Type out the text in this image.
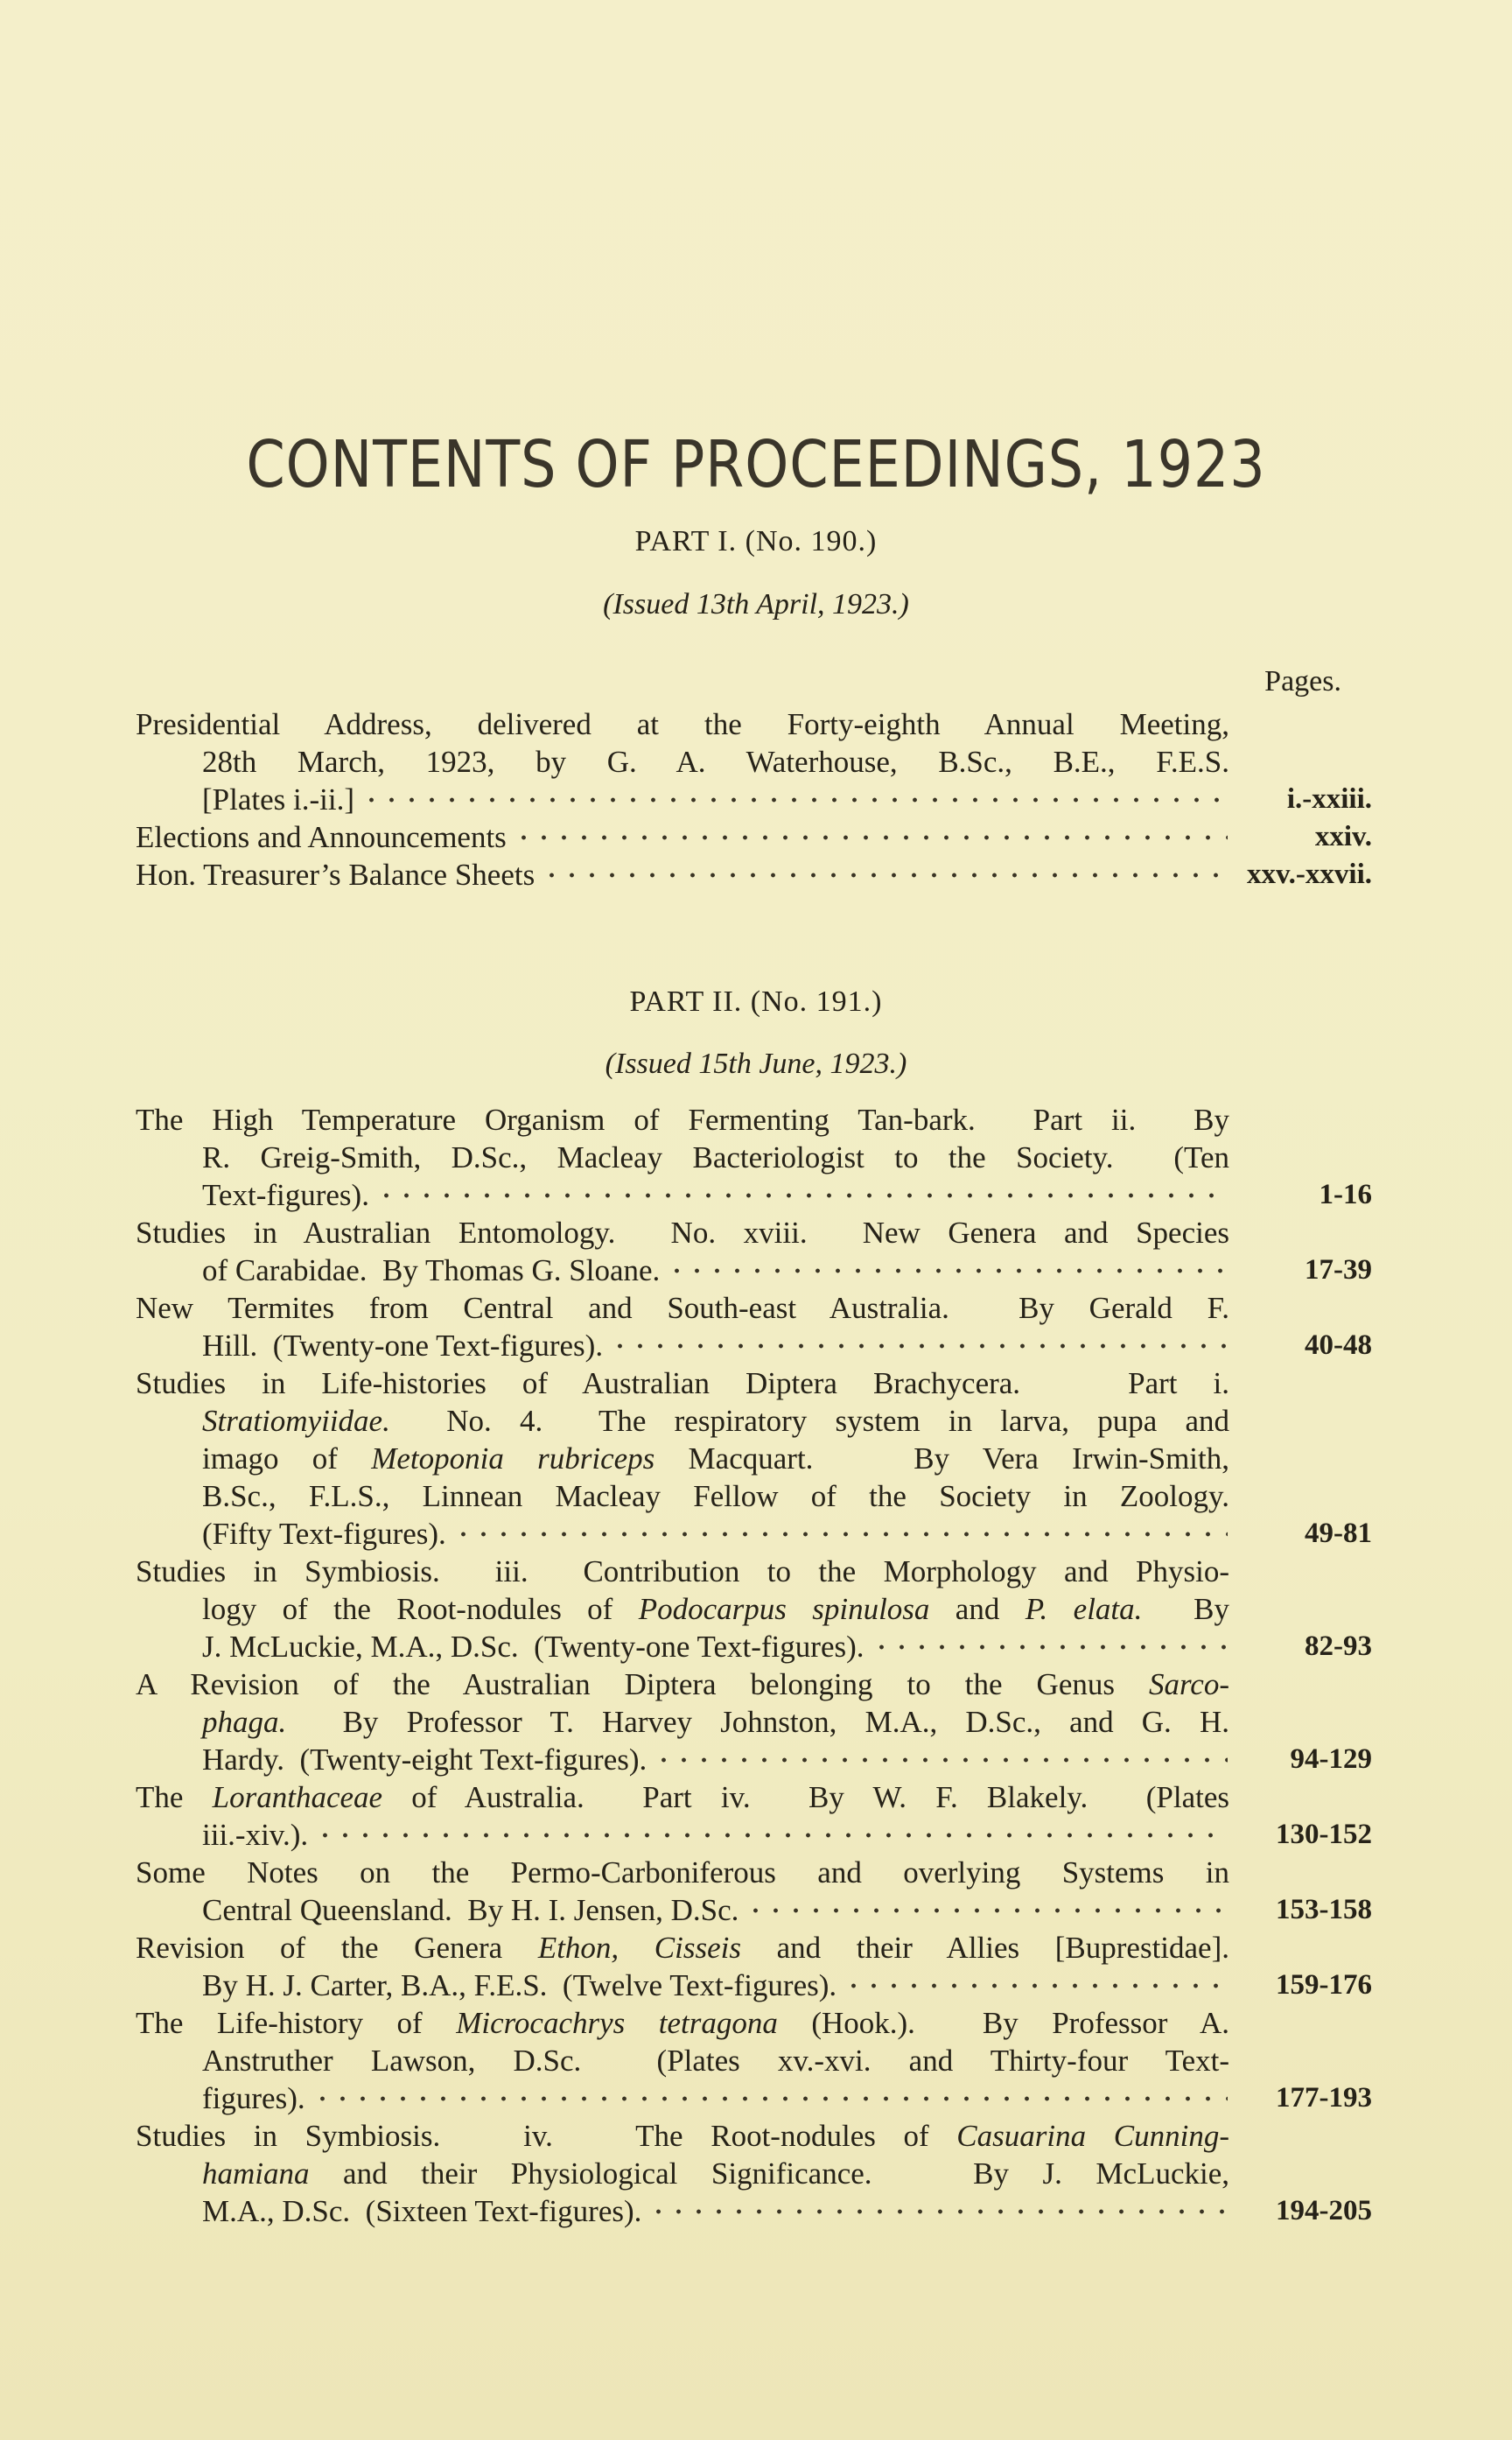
CONTENTS OF PROCEEDINGS, 1923
PART I. (No. 190.)
(Issued 13th April, 1923.)
Pages.
Presidential Address, delivered at the Forty-eighth Annual Meeting,
28th March, 1923, by G. A. Waterhouse, B.Sc., B.E., F.E.S.
[Plates i.-ii.]	i.-xxiii.
Elections and Announcements	xxiv.
Hon. Treasurer’s Balance Sheets	xxv.-xxvii.
PART II. (No. 191.)
(Issued 15th June, 1923.)
The High Temperature Organism of Fermenting Tan-bark.  Part ii.  By
R. Greig-Smith, D.Sc., Macleay Bacteriologist to the Society.  (Ten
Text-figures).	1-16
Studies in Australian Entomology.  No. xviii.  New Genera and Species
of Carabidae.  By Thomas G. Sloane.	17-39
New Termites from Central and South-east Australia.  By Gerald F.
Hill.  (Twenty-one Text-figures).	40-48
Studies in Life-histories of Australian Diptera Brachycera.   Part i.
Stratiomyiidae.  No. 4.  The respiratory system in larva, pupa and
imago of Metoponia rubriceps Macquart.   By Vera Irwin-Smith,
B.Sc., F.L.S., Linnean Macleay Fellow of the Society in Zoology.
(Fifty Text-figures).	49-81
Studies in Symbiosis.  iii.  Contribution to the Morphology and Physio-
logy of the Root-nodules of Podocarpus spinulosa and P. elata.  By
J. McLuckie, M.A., D.Sc.  (Twenty-one Text-figures).	82-93
A Revision of the Australian Diptera belonging to the Genus Sarco-
phaga.  By Professor T. Harvey Johnston, M.A., D.Sc., and G. H.
Hardy.  (Twenty-eight Text-figures).	94-129
The Loranthaceae of Australia.  Part iv.  By W. F. Blakely.  (Plates
iii.-xiv.).	130-152
Some Notes on the Permo-Carboniferous and overlying Systems in
Central Queensland.  By H. I. Jensen, D.Sc.	153-158
Revision of the Genera Ethon, Cisseis and their Allies [Buprestidae].
By H. J. Carter, B.A., F.E.S.  (Twelve Text-figures).	159-176
The Life-history of Microcachrys tetragona (Hook.).  By Professor A.
Anstruther Lawson, D.Sc.  (Plates xv.-xvi. and Thirty-four Text-
figures).	177-193
Studies in Symbiosis.   iv.   The Root-nodules of Casuarina Cunning-
hamiana and their Physiological Significance.   By J. McLuckie,
M.A., D.Sc.  (Sixteen Text-figures).	194-205
